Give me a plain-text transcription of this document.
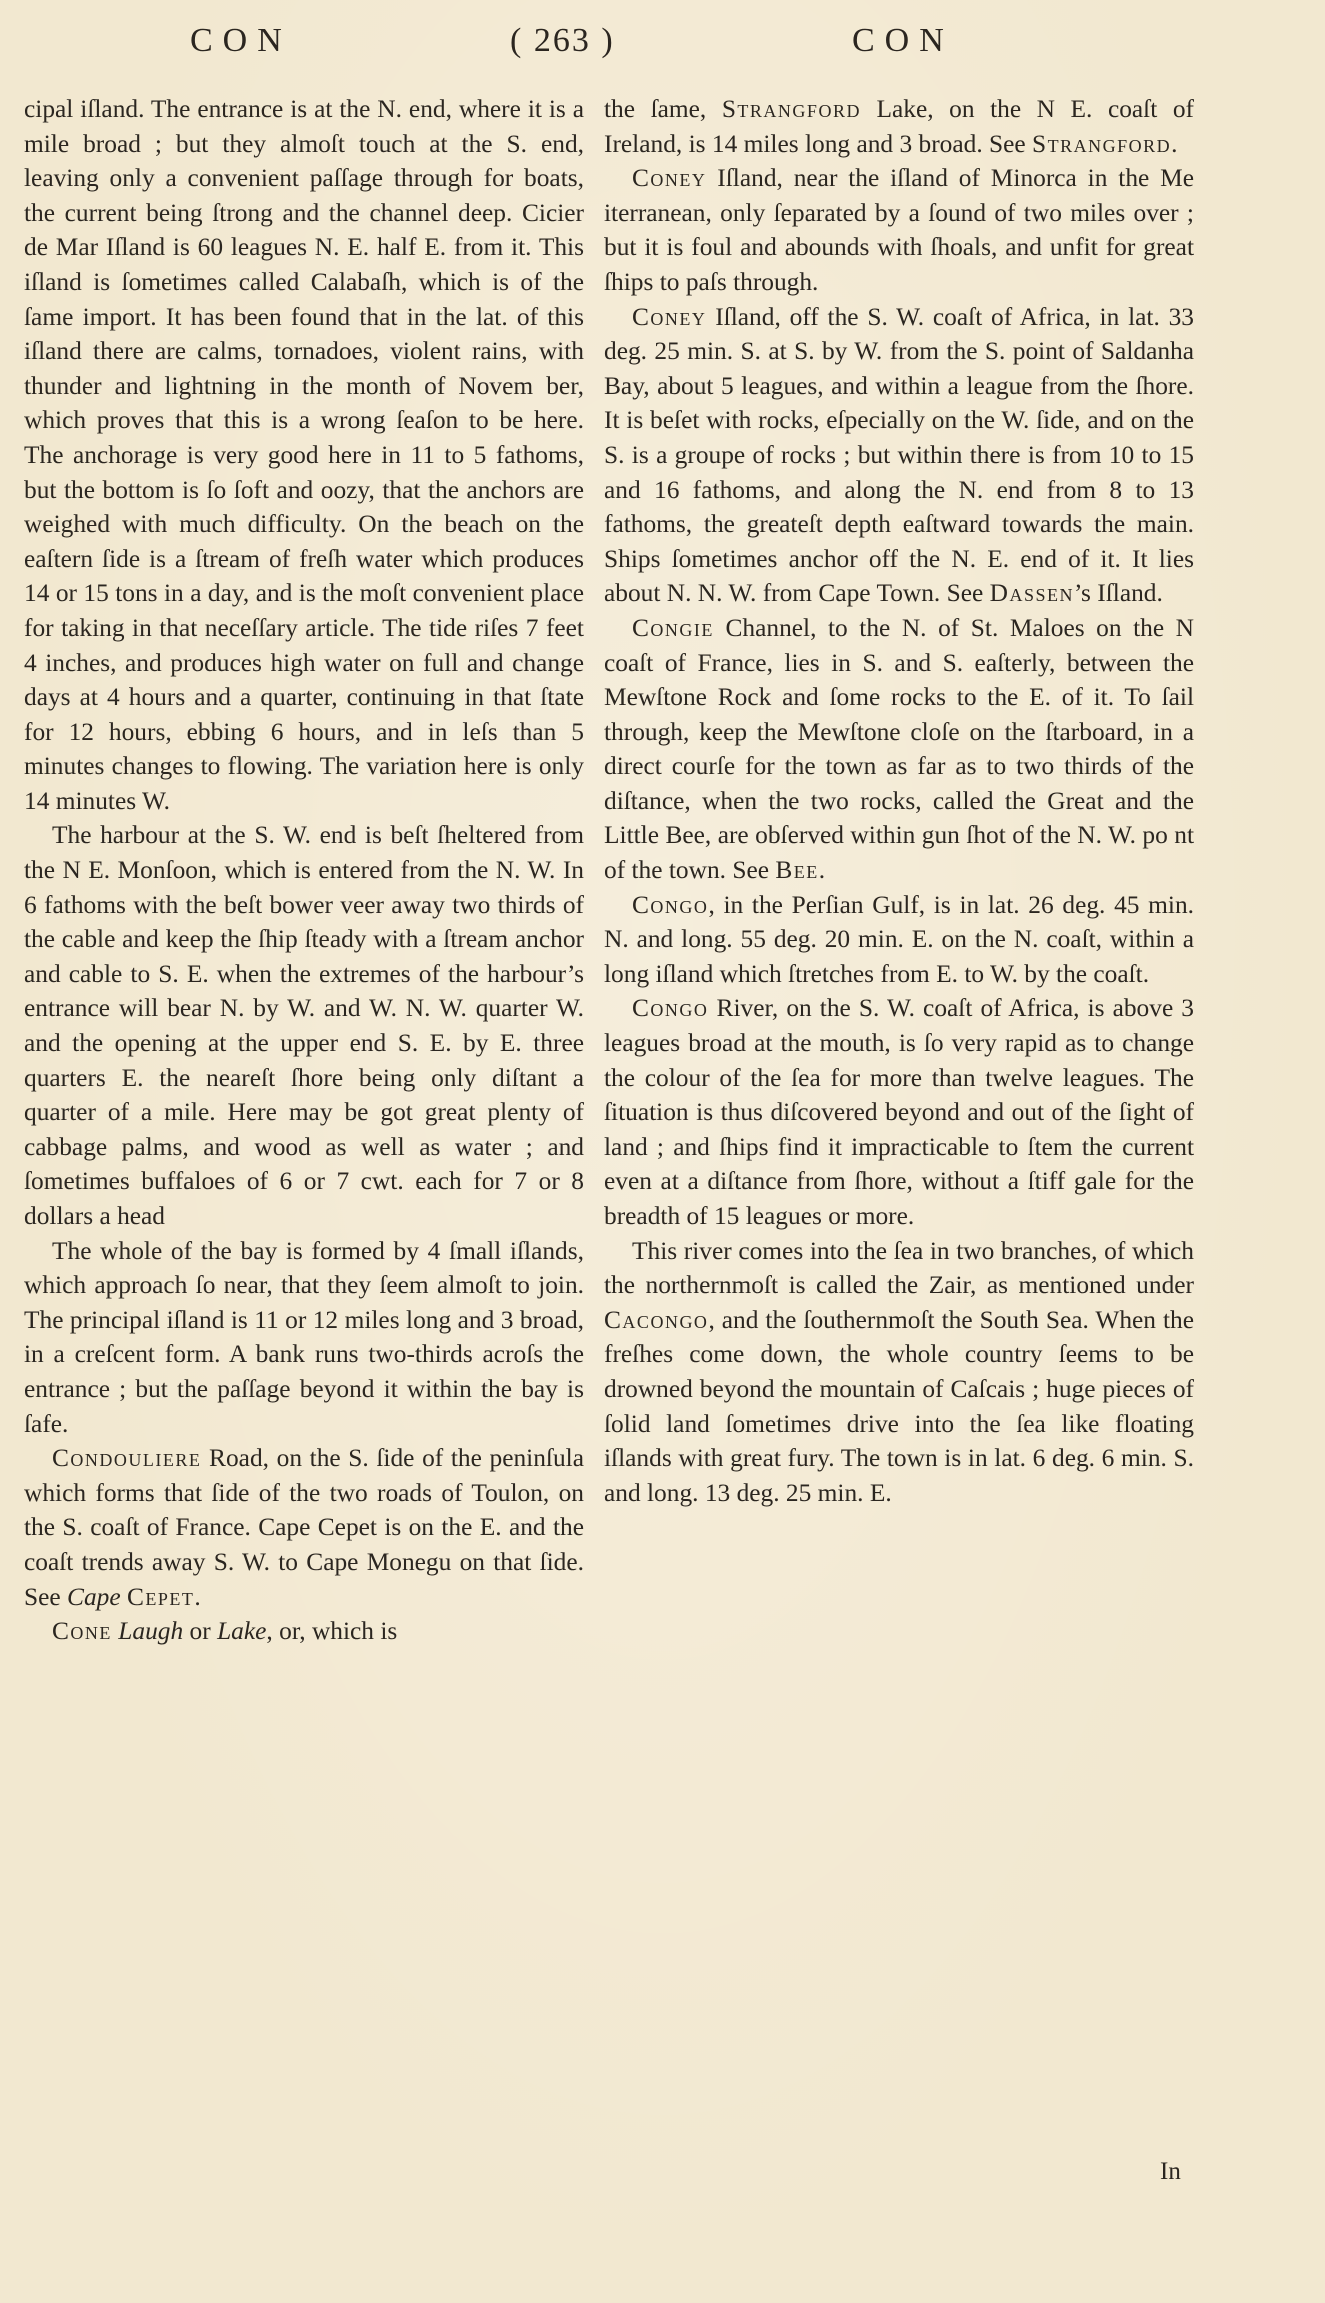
CON	( 263 )	CON

cipal iſland. The entrance is at the N. end, where it is a mile broad ; but they almoſt touch at the S. end, leaving only a convenient paſſage through for boats, the current being ſtrong and the channel deep. Cicier de Mar Iſland is 60 leagues N. E. half E. from it. This iſland is ſometimes called Calabaſh, which is of the ſame import. It has been found that in the lat. of this iſland there are calms, tornadoes, violent rains, with thunder and lightning in the month of Novem ber, which proves that this is a wrong ſeaſon to be here. The anchorage is very good here in 11 to 5 fathoms, but the bottom is ſo ſoft and oozy, that the anchors are weighed with much difficulty. On the beach on the eaſtern ſide is a ſtream of freſh water which produces 14 or 15 tons in a day, and is the moſt convenient place for taking in that neceſſary article. The tide riſes 7 feet 4 inches, and produces high water on full and change days at 4 hours and a quarter, continuing in that ſtate for 12 hours, ebbing 6 hours, and in leſs than 5 minutes changes to flowing. The variation here is only 14 minutes W.

The harbour at the S. W. end is beſt ſheltered from the N E. Monſoon, which is entered from the N. W. In 6 fathoms with the beſt bower veer away two thirds of the cable and keep the ſhip ſteady with a ſtream anchor and cable to S. E. when the extremes of the harbour’s entrance will bear N. by W. and W. N. W. quarter W. and the opening at the upper end S. E. by E. three quarters E. the neareſt ſhore being only diſtant a quarter of a mile. Here may be got great plenty of cabbage palms, and wood as well as water ; and ſometimes buffaloes of 6 or 7 cwt. each for 7 or 8 dollars a head

The whole of the bay is formed by 4 ſmall iſlands, which approach ſo near, that they ſeem almoſt to join. The principal iſland is 11 or 12 miles long and 3 broad, in a creſcent form. A bank runs two-thirds acroſs the entrance ; but the paſſage beyond it within the bay is ſafe.

Condouliere Road, on the S. ſide of the peninſula which forms that ſide of the two roads of Toulon, on the S. coaſt of France. Cape Cepet is on the E. and the coaſt trends away S. W. to Cape Monegu on that ſide. See Cape Cepet.

Cone Laugh or Lake, or, which is

the ſame, Strangford Lake, on the N E. coaſt of Ireland, is 14 miles long and 3 broad. See Strangford.

Coney Iſland, near the iſland of Minorca in the Me iterranean, only ſeparated by a ſound of two miles over ; but it is foul and abounds with ſhoals, and unfit for great ſhips to paſs through.

Coney Iſland, off the S. W. coaſt of Africa, in lat. 33 deg. 25 min. S. at S. by W. from the S. point of Saldanha Bay, about 5 leagues, and within a league from the ſhore. It is beſet with rocks, eſpecially on the W. ſide, and on the S. is a groupe of rocks ; but within there is from 10 to 15 and 16 fathoms, and along the N. end from 8 to 13 fathoms, the greateſt depth eaſtward towards the main. Ships ſometimes anchor off the N. E. end of it. It lies about N. N. W. from Cape Town. See Dassen’s Iſland.

Congie Channel, to the N. of St. Maloes on the N coaſt of France, lies in S. and S. eaſterly, between the Mewſtone Rock and ſome rocks to the E. of it. To ſail through, keep the Mewſtone cloſe on the ſtarboard, in a direct courſe for the town as far as to two thirds of the diſtance, when the two rocks, called the Great and the Little Bee, are obſerved within gun ſhot of the N. W. po nt of the town. See Bee.

Congo, in the Perſian Gulf, is in lat. 26 deg. 45 min. N. and long. 55 deg. 20 min. E. on the N. coaſt, within a long iſland which ſtretches from E. to W. by the coaſt.

Congo River, on the S. W. coaſt of Africa, is above 3 leagues broad at the mouth, is ſo very rapid as to change the colour of the ſea for more than twelve leagues. The ſituation is thus diſcovered beyond and out of the ſight of land ; and ſhips find it impracticable to ſtem the current even at a diſtance from ſhore, without a ſtiff gale for the breadth of 15 leagues or more.

This river comes into the ſea in two branches, of which the northernmoſt is called the Zair, as mentioned under Cacongo, and the ſouthernmoſt the South Sea. When the freſhes come down, the whole country ſeems to be drowned beyond the mountain of Caſcais ; huge pieces of ſolid land ſometimes drive into the ſea like floating iſlands with great fury. The town is in lat. 6 deg. 6 min. S. and long. 13 deg. 25 min. E.

In
